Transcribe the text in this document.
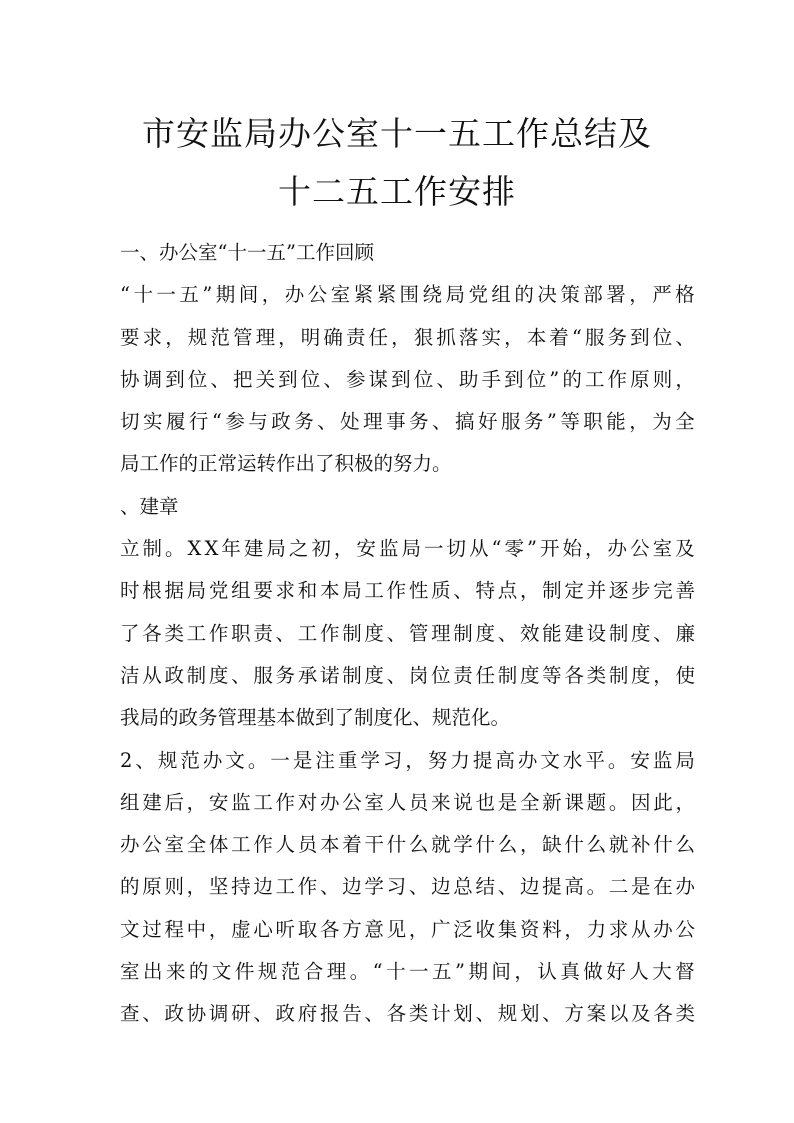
市安监局办公室十一五工作总结及
十二五工作安排
一、办公室“十一五”工作回顾
“ 十 一 五 ” 期 间 ， 办 公 室 紧 紧 围 绕 局 党 组 的 决 策 部 署 ， 严 格
要 求 ， 规 范 管 理 ， 明 确 责 任 ， 狠 抓 落 实 ， 本 着 “ 服 务 到 位 、
协 调 到 位 、 把 关 到 位 、 参 谋 到 位 、 助 手 到 位 ” 的 工 作 原 则 ，
切 实 履 行 “ 参 与 政 务 、 处 理 事 务 、 搞 好 服 务 ” 等 职 能 ， 为 全
局工作的正常运转作出了积极的努力。
、建章
立 制 。 X X 年 建 局 之 初 ， 安 监 局 一 切 从 “ 零 ” 开 始 ， 办 公 室 及
时 根 据 局 党 组 要 求 和 本 局 工 作 性 质 、 特 点 ， 制 定 并 逐 步 完 善
了 各 类 工 作 职 责 、 工 作 制 度 、 管 理 制 度 、 效 能 建 设 制 度 、 廉
洁 从 政 制 度 、 服 务 承 诺 制 度 、 岗 位 责 任 制 度 等 各 类 制 度 ， 使
我局的政务管理基本做到了制度化、规范化。
2 、 规 范 办 文 。 一 是 注 重 学 习 ， 努 力 提 高 办 文 水 平 。 安 监 局
组 建 后 ， 安 监 工 作 对 办 公 室 人 员 来 说 也 是 全 新 课 题 。 因 此 ，
办 公 室 全 体 工 作 人 员 本 着 干 什 么 就 学 什 么 ， 缺 什 么 就 补 什 么
的 原 则 ， 坚 持 边 工 作 、 边 学 习 、 边 总 结 、 边 提 高 。 二 是 在 办
文 过 程 中 ， 虚 心 听 取 各 方 意 见 ， 广 泛 收 集 资 料 ， 力 求 从 办 公
室 出 来 的 文 件 规 范 合 理 。 “ 十 一 五 ” 期 间 ， 认 真 做 好 人 大 督
查 、 政 协 调 研 、 政 府 报 告 、 各 类 计 划 、 规 划 、 方 案 以 及 各 类
